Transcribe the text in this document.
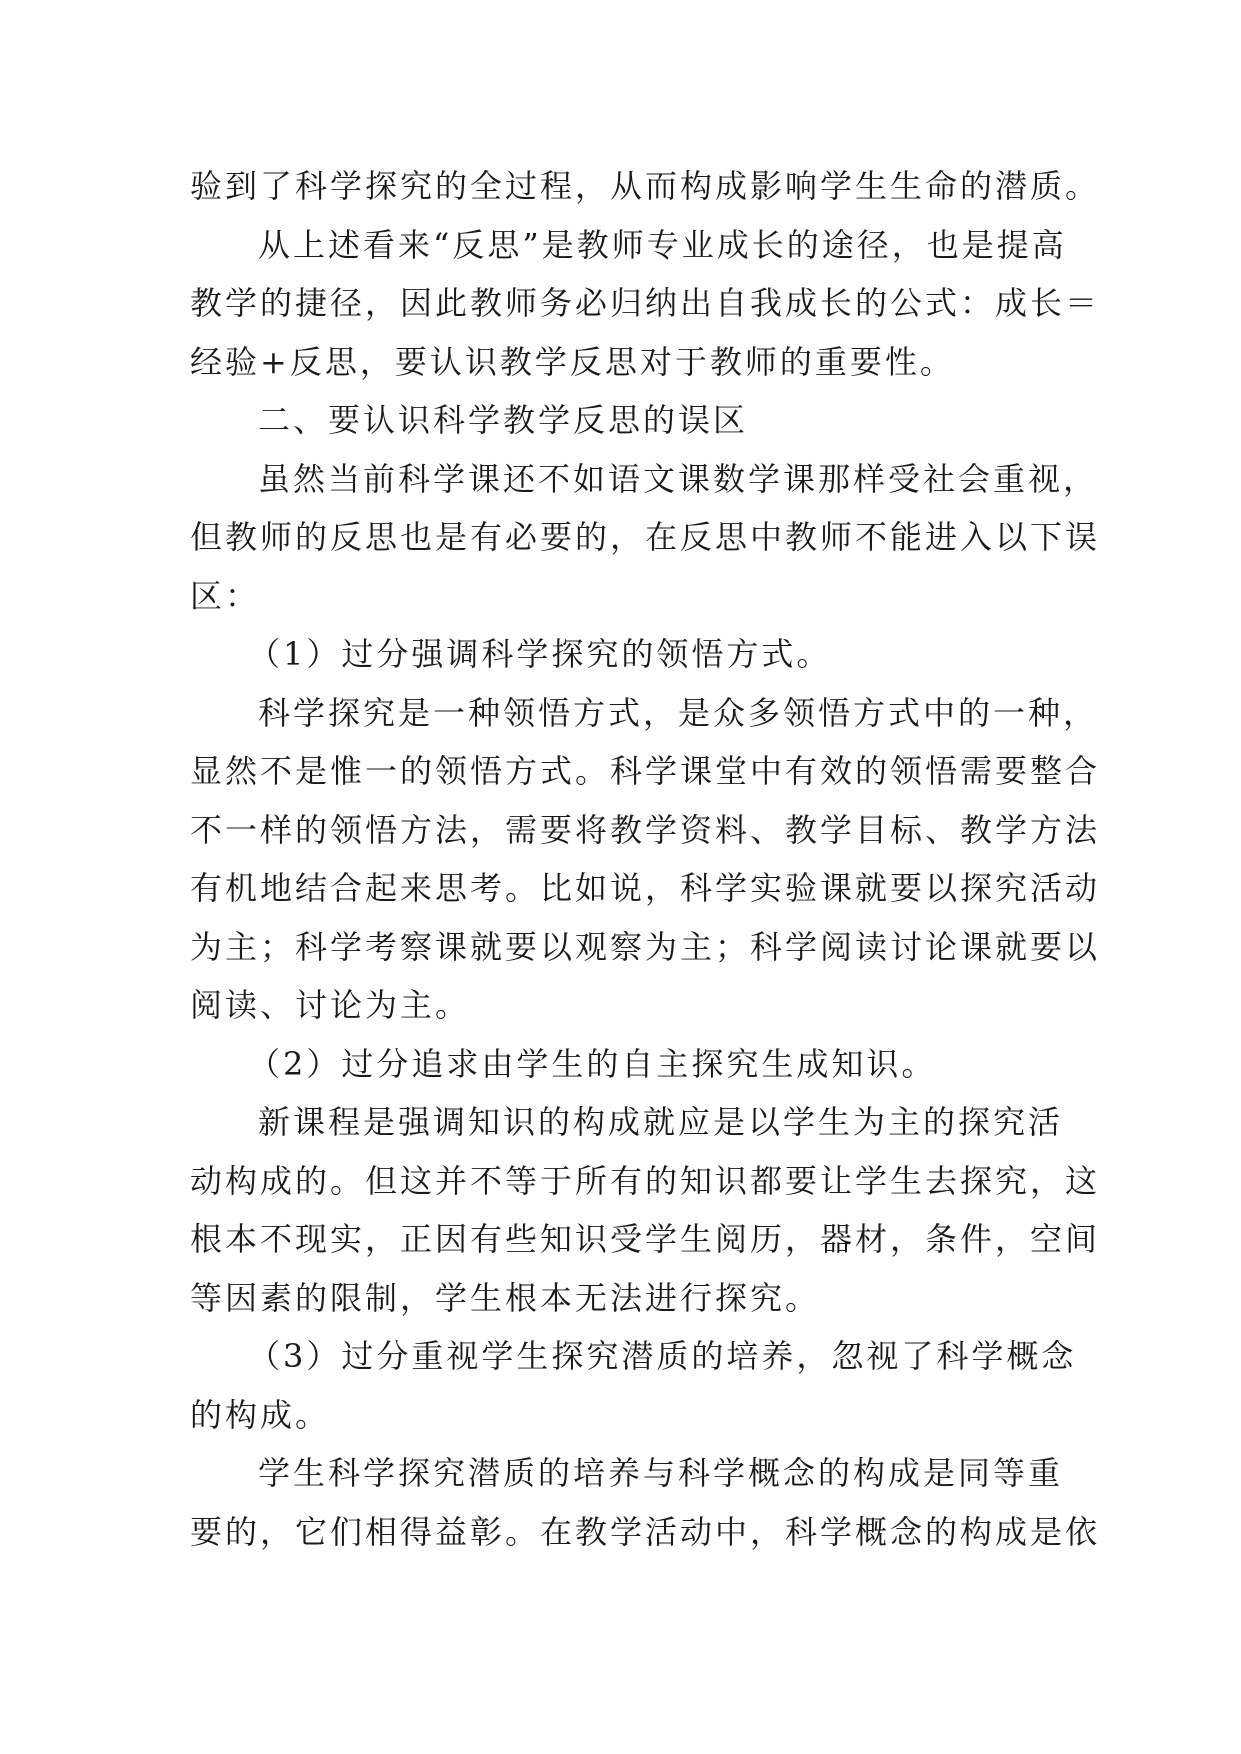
验到了科学探究的全过程，从而构成影响学生生命的潜质。
从上述看来“反思”是教师专业成长的途径，也是提高
教学的捷径，因此教师务必归纳出自我成长的公式：成长＝
经验+反思，要认识教学反思对于教师的重要性。
二、要认识科学教学反思的误区
虽然当前科学课还不如语文课数学课那样受社会重视，
但教师的反思也是有必要的，在反思中教师不能进入以下误
区：
（1）过分强调科学探究的领悟方式。
科学探究是一种领悟方式，是众多领悟方式中的一种，
显然不是惟一的领悟方式。科学课堂中有效的领悟需要整合
不一样的领悟方法，需要将教学资料、教学目标、教学方法
有机地结合起来思考。比如说，科学实验课就要以探究活动
为主；科学考察课就要以观察为主；科学阅读讨论课就要以
阅读、讨论为主。
（2）过分追求由学生的自主探究生成知识。
新课程是强调知识的构成就应是以学生为主的探究活
动构成的。但这并不等于所有的知识都要让学生去探究，这
根本不现实，正因有些知识受学生阅历，器材，条件，空间
等因素的限制，学生根本无法进行探究。
（3）过分重视学生探究潜质的培养，忽视了科学概念
的构成。
学生科学探究潜质的培养与科学概念的构成是同等重
要的，它们相得益彰。在教学活动中，科学概念的构成是依
